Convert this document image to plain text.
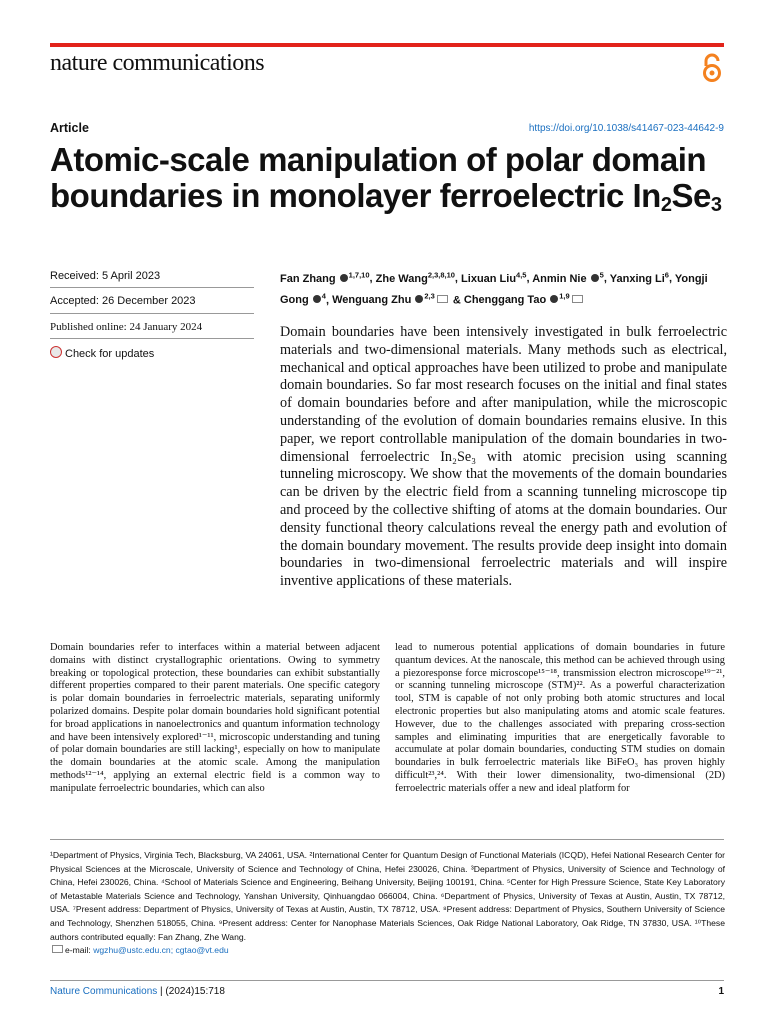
nature communications
Article	https://doi.org/10.1038/s41467-023-44642-9
Atomic-scale manipulation of polar domain boundaries in monolayer ferroelectric $In_2Se_3$
Received: 5 April 2023
Accepted: 26 December 2023
Published online: 24 January 2024
Check for updates

Fan Zhang $^{1,7,10}$, Zhe Wang$^{2,3,8,10}$, Lixuan Liu$^{4,5}$, Anmin Nie $^5$, Yanxing Li$^6$, Yongji Gong $^4$, Wenguang Zhu $^{2,3}$ & Chenggang Tao $^{1,9}$

Domain boundaries have been intensively investigated in bulk ferroelectric materials and two-dimensional materials. Many methods such as electrical, mechanical and optical approaches have been utilized to probe and manipulate domain boundaries. So far most research focuses on the initial and final states of domain boundaries before and after manipulation, while the microscopic understanding of the evolution of domain boundaries remains elusive. In this paper, we report controllable manipulation of the domain boundaries in two-dimensional ferroelectric In₂Se₃ with atomic precision using scanning tunneling microscopy. We show that the movements of the domain boundaries can be driven by the electric field from a scanning tunneling microscope tip and proceed by the collective shifting of atoms at the domain boundaries. Our density functional theory calculations reveal the energy path and evolution of the domain boundary movement. The results provide deep insight into domain boundaries in two-dimensional ferroelectric materials and will inspire inventive applications of these materials.

Domain boundaries refer to interfaces within a material between adjacent domains with distinct crystallographic orientations. Owing to symmetry breaking or topological protection, these boundaries can exhibit substantially different properties compared to their parent materials. One specific category is polar domain boundaries in ferroelectric materials, separating uniformly polarized domains. Despite polar domain boundaries hold significant potential for broad applications in nanoelectronics and quantum information technology and have been intensively explored¹⁻¹¹, microscopic understanding and tuning of polar domain boundaries are still lacking¹, especially on how to manipulate the domain boundaries at the atomic scale. Among the manipulation methods¹²⁻¹⁴, applying an external electric field is a common way to manipulate ferroelectric boundaries, which can also

lead to numerous potential applications of domain boundaries in future quantum devices. At the nanoscale, this method can be achieved through using a piezoresponse force microscope¹⁵⁻¹⁸, transmission electron microscope¹⁹⁻²¹, or scanning tunneling microscope (STM)²². As a powerful characterization tool, STM is capable of not only probing both atomic structures and local electronic properties but also manipulating atoms and atomic scale features. However, due to the challenges associated with preparing cross-section samples and eliminating impurities that are energetically favorable to accumulate at polar domain boundaries, conducting STM studies on domain boundaries in bulk ferroelectric materials like BiFeO₃ has proven highly difficult²³,²⁴. With their lower dimensionality, two-dimensional (2D) ferroelectric materials offer a new and ideal platform for

¹Department of Physics, Virginia Tech, Blacksburg, VA 24061, USA. ²International Center for Quantum Design of Functional Materials (ICQD), Hefei National Research Center for Physical Sciences at the Microscale, University of Science and Technology of China, Hefei 230026, China. ³Department of Physics, University of Science and Technology of China, Hefei 230026, China. ⁴School of Materials Science and Engineering, Beihang University, Beijing 100191, China. ⁵Center for High Pressure Science, State Key Laboratory of Metastable Materials Science and Technology, Yanshan University, Qinhuangdao 066004, China. ⁶Department of Physics, University of Texas at Austin, Austin, TX 78712, USA. ⁷Present address: Department of Physics, University of Texas at Austin, Austin, TX 78712, USA. ⁸Present address: Department of Physics, Southern University of Science and Technology, Shenzhen 518055, China. ⁹Present address: Center for Nanophase Materials Sciences, Oak Ridge National Laboratory, Oak Ridge, TN 37830, USA. ¹⁰These authors contributed equally: Fan Zhang, Zhe Wang.
e-mail: wgzhu@ustc.edu.cn; cgtao@vt.edu
Nature Communications | (2024)15:718	1
